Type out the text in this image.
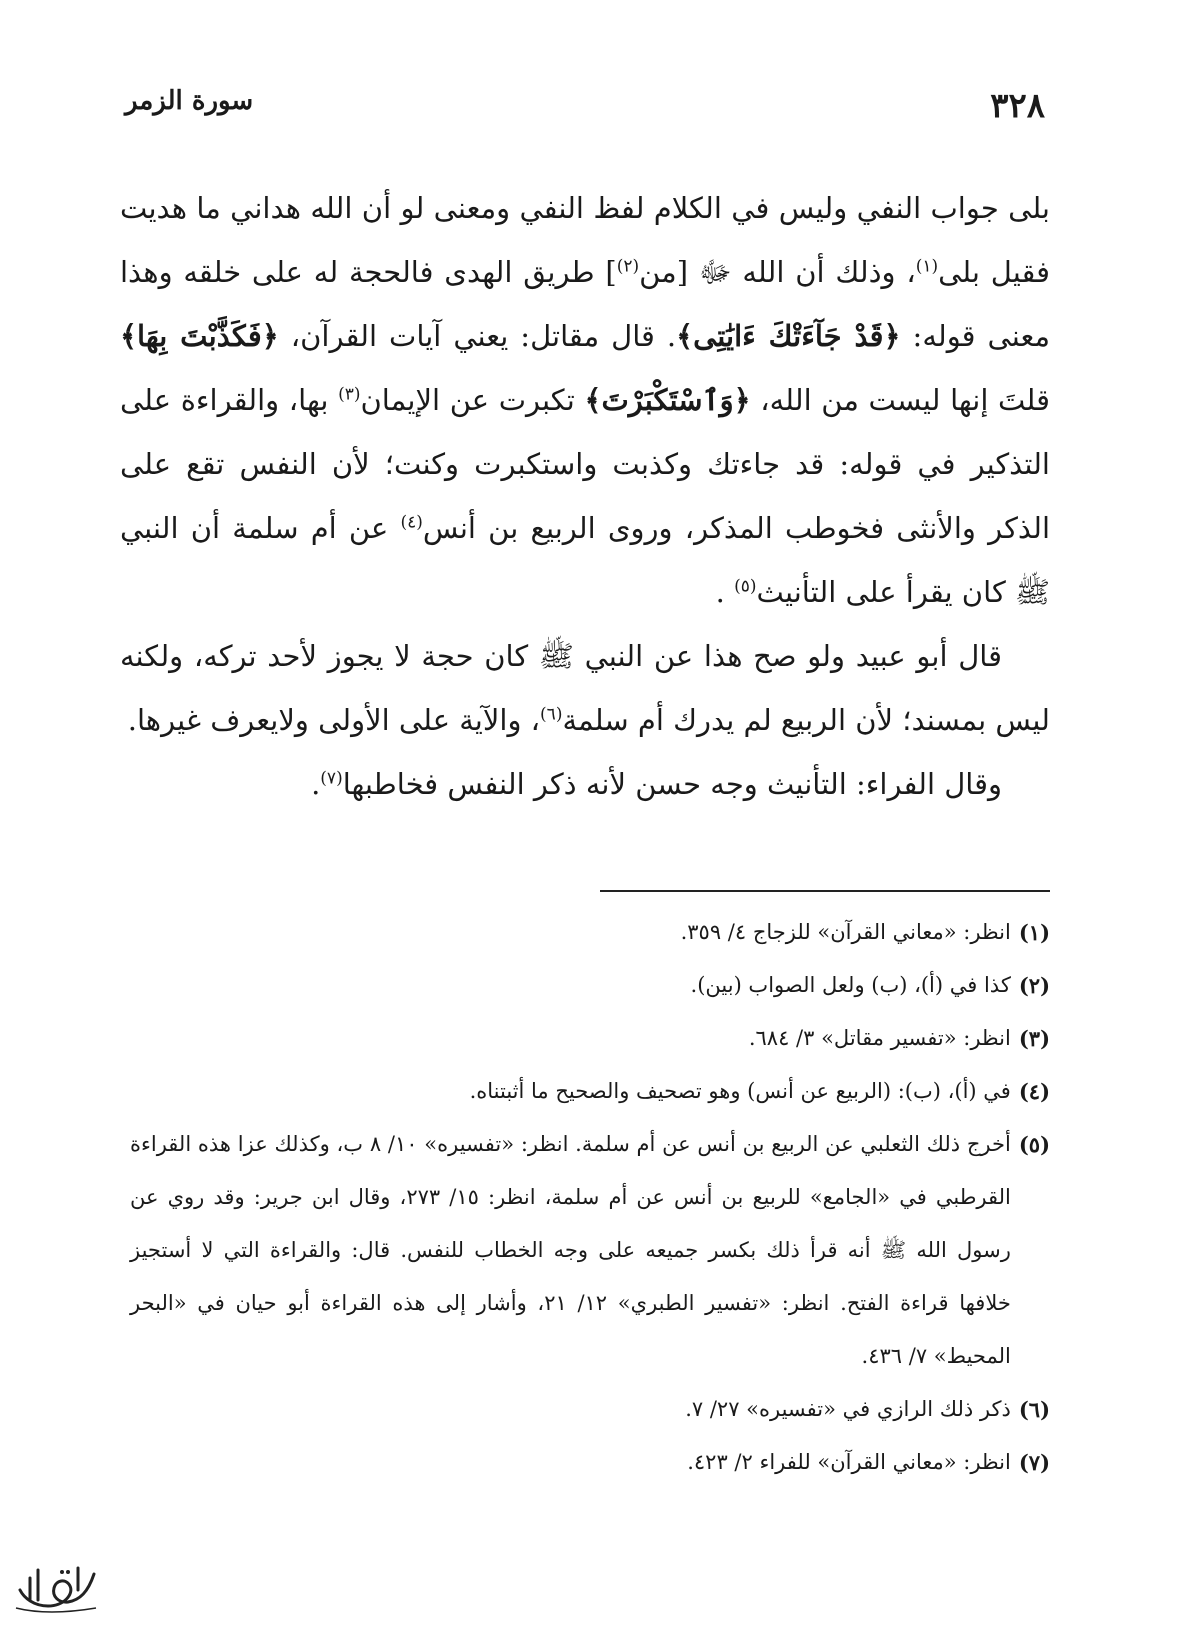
٣٢٨
سورة الزمر

بلى جواب النفي وليس في الكلام لفظ النفي ومعنى لو أن الله هداني ما هديت فقيل بلى$^{(١)}$، وذلك أن الله ﷻ [من$^{(٢)}$] طريق الهدى فالحجة له على خلقه وهذا معنى قوله: ﴿قَدْ جَآءَتْكَ ءَايَٰتِى﴾. قال مقاتل: يعني آيات القرآن، ﴿فَكَذَّبْتَ بِهَا﴾ قلتَ إنها ليست من الله، ﴿وَٱسْتَكْبَرْتَ﴾ تكبرت عن الإيمان$^{(٣)}$ بها، والقراءة على التذكير في قوله: قد جاءتك وكذبت واستكبرت وكنت؛ لأن النفس تقع على الذكر والأنثى فخوطب المذكر، وروى الربيع بن أنس$^{(٤)}$ عن أم سلمة أن النبي ﷺ كان يقرأ على التأنيث$^{(٥)}$ .

قال أبو عبيد ولو صح هذا عن النبي ﷺ كان حجة لا يجوز لأحد تركه، ولكنه ليس بمسند؛ لأن الربيع لم يدرك أم سلمة$^{(٦)}$، والآية على الأولى ولايعرف غيرها.

وقال الفراء: التأنيث وجه حسن لأنه ذكر النفس فخاطبها$^{(٧)}$.

(١)
انظر: «معاني القرآن» للزجاج ٤/ ٣٥٩.
(٢)
كذا في (أ)، (ب) ولعل الصواب (بين).
(٣)
انظر: «تفسير مقاتل» ٣/ ٦٨٤.
(٤)
في (أ)، (ب): (الربيع عن أنس) وهو تصحيف والصحيح ما أثبتناه.
(٥)
أخرج ذلك الثعلبي عن الربيع بن أنس عن أم سلمة. انظر: «تفسيره» ١٠/ ٨ ب، وكذلك عزا هذه القراءة القرطبي في «الجامع» للربيع بن أنس عن أم سلمة، انظر: ١٥/ ٢٧٣، وقال ابن جرير: وقد روي عن رسول الله ﷺ أنه قرأ ذلك بكسر جميعه على وجه الخطاب للنفس. قال: والقراءة التي لا أستجيز خلافها قراءة الفتح. انظر: «تفسير الطبري» ١٢/ ٢١، وأشار إلى هذه القراءة أبو حيان في «البحر المحيط» ٧/ ٤٣٦.
(٦)
ذكر ذلك الرازي في «تفسيره» ٢٧/ ٧.
(٧)
انظر: «معاني القرآن» للفراء ٢/ ٤٢٣.
